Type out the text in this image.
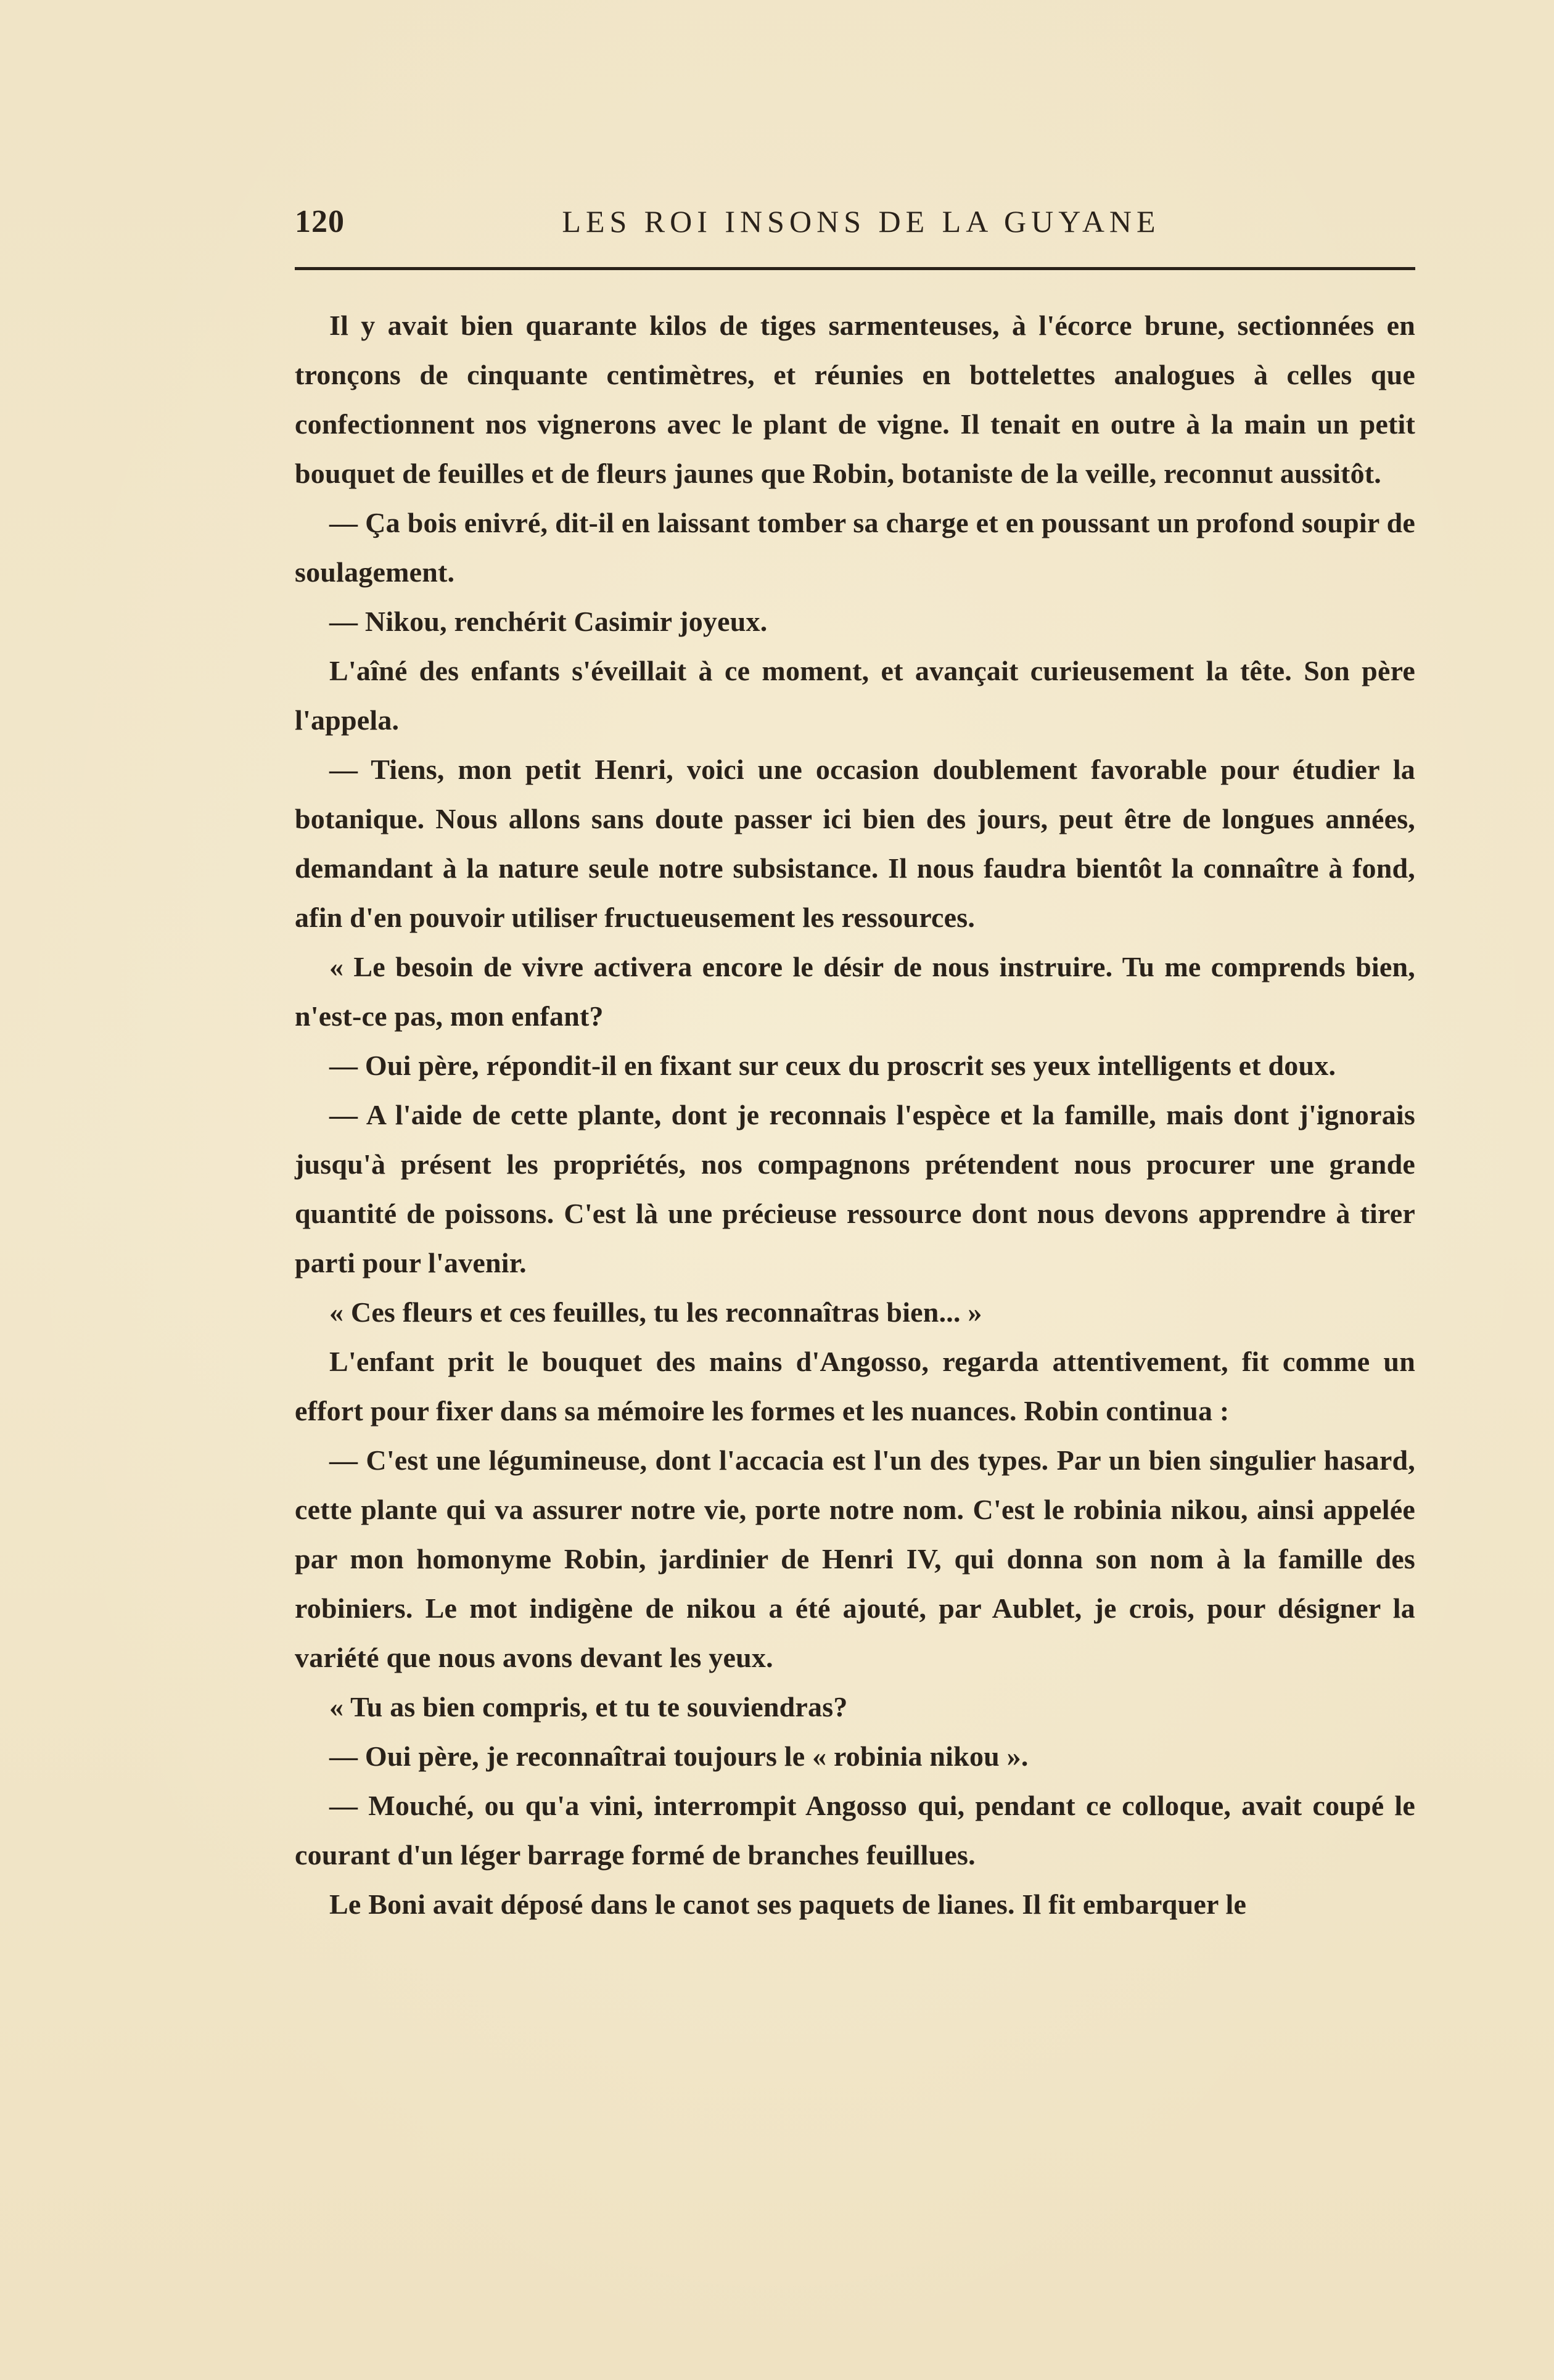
120	LES ROI INSONS DE LA GUYANE

Il y avait bien quarante kilos de tiges sarmenteuses, à l'écorce brune, sectionnées en tronçons de cinquante centimètres, et réunies en bottelettes analogues à celles que confectionnent nos vignerons avec le plant de vigne. Il tenait en outre à la main un petit bouquet de feuilles et de fleurs jaunes que Robin, botaniste de la veille, reconnut aussitôt.

— Ça bois enivré, dit-il en laissant tomber sa charge et en poussant un profond soupir de soulagement.

— Nikou, renchérit Casimir joyeux.

L'aîné des enfants s'éveillait à ce moment, et avançait curieusement la tête. Son père l'appela.

— Tiens, mon petit Henri, voici une occasion doublement favorable pour étudier la botanique. Nous allons sans doute passer ici bien des jours, peut être de longues années, demandant à la nature seule notre subsistance. Il nous faudra bientôt la connaître à fond, afin d'en pouvoir utiliser fructueusement les ressources.

« Le besoin de vivre activera encore le désir de nous instruire. Tu me comprends bien, n'est-ce pas, mon enfant?

— Oui père, répondit-il en fixant sur ceux du proscrit ses yeux intelligents et doux.

— A l'aide de cette plante, dont je reconnais l'espèce et la famille, mais dont j'ignorais jusqu'à présent les propriétés, nos compagnons prétendent nous procurer une grande quantité de poissons. C'est là une précieuse ressource dont nous devons apprendre à tirer parti pour l'avenir.

« Ces fleurs et ces feuilles, tu les reconnaîtras bien... »

L'enfant prit le bouquet des mains d'Angosso, regarda attentivement, fit comme un effort pour fixer dans sa mémoire les formes et les nuances. Robin continua :

— C'est une légumineuse, dont l'accacia est l'un des types. Par un bien singulier hasard, cette plante qui va assurer notre vie, porte notre nom. C'est le robinia nikou, ainsi appelée par mon homonyme Robin, jardinier de Henri IV, qui donna son nom à la famille des robiniers. Le mot indigène de nikou a été ajouté, par Aublet, je crois, pour désigner la variété que nous avons devant les yeux.

« Tu as bien compris, et tu te souviendras?

— Oui père, je reconnaîtrai toujours le « robinia nikou ».

— Mouché, ou qu'a vini, interrompit Angosso qui, pendant ce colloque, avait coupé le courant d'un léger barrage formé de branches feuillues.

Le Boni avait déposé dans le canot ses paquets de lianes. Il fit embarquer le
